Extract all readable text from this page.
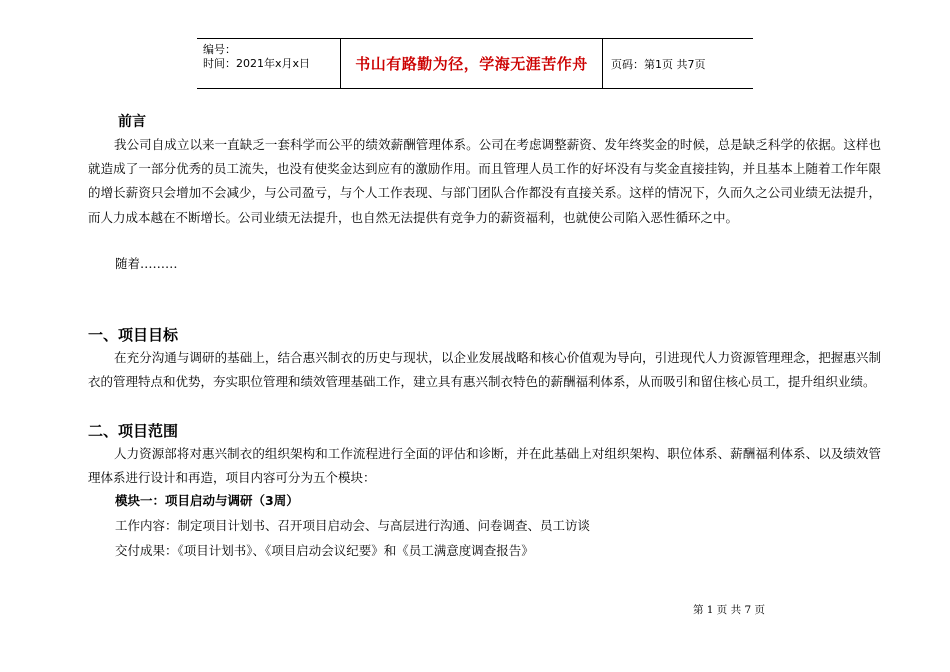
编号：
时间：2021年x月x日	书山有路勤为径，学海无涯苦作舟 页码：第1页 共7页
前言

我公司自成立以来一直缺乏一套科学而公平的绩效薪酬管理体系。公司在考虑调整薪资、发年终奖金的时候，总是缺乏科学的依据。这样也就造成了一部分优秀的员工流失，也没有使奖金达到应有的激励作用。而且管理人员工作的好坏没有与奖金直接挂钩，并且基本上随着工作年限的增长薪资只会增加不会减少，与公司盈亏，与个人工作表现、与部门团队合作都没有直接关系。这样的情况下，久而久之公司业绩无法提升，而人力成本越在不断增长。公司业绩无法提升，也自然无法提供有竞争力的薪资福利，也就使公司陷入恶性循环之中。

随着………
一、项目目标

在充分沟通与调研的基础上，结合惠兴制衣的历史与现状，以企业发展战略和核心价值观为导向，引进现代人力资源管理理念，把握惠兴制衣的管理特点和优势，夯实职位管理和绩效管理基础工作，建立具有惠兴制衣特色的薪酬福利体系，从而吸引和留住核心员工，提升组织业绩。

二、项目范围

人力资源部将对惠兴制衣的组织架构和工作流程进行全面的评估和诊断，并在此基础上对组织架构、职位体系、薪酬福利体系、以及绩效管理体系进行设计和再造，项目内容可分为五个模块：

模块一：项目启动与调研（3周）
工作内容：制定项目计划书、召开项目启动会、与高层进行沟通、问卷调查、员工访谈
交付成果：《项目计划书》、《项目启动会议纪要》和《员工满意度调查报告》
第 1 页 共 7 页
